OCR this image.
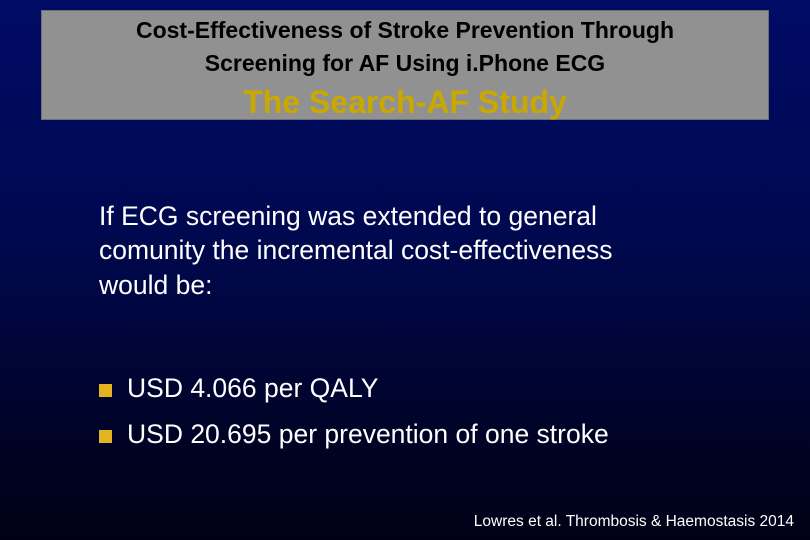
Cost-Effectiveness of Stroke Prevention Through
Screening for AF Using i.Phone ECG
The Search-AF Study
If ECG screening was extended to general
comunity the incremental cost-effectiveness
would be:
USD 4.066 per QALY
USD 20.695 per prevention of one stroke
Lowres et al. Thrombosis & Haemostasis 2014
